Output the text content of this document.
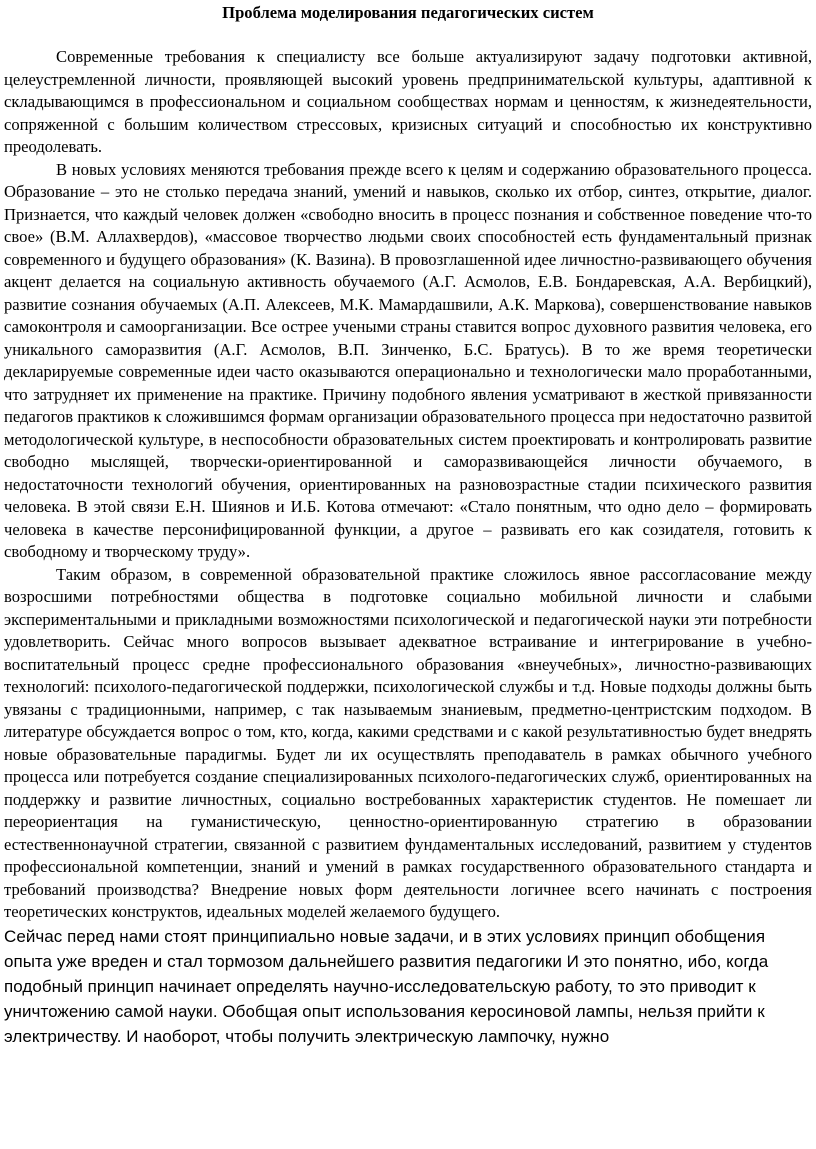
Проблема моделирования педагогических систем

Современные требования к специалисту все больше актуализируют задачу подготовки активной, целеустремленной личности, проявляющей высокий уровень предпринимательской культуры, адаптивной к складывающимся в профессиональном и социальном сообществах нормам и ценностям, к жизнедеятельности, сопряженной с большим количеством стрессовых, кризисных ситуаций и способностью их конструктивно преодолевать.

В новых условиях меняются требования прежде всего к целям и содержанию образовательного процесса. Образование – это не столько передача знаний, умений и навыков, сколько их отбор, синтез, открытие, диалог. Признается, что каждый человек должен «свободно вносить в процесс познания и собственное поведение что-то свое» (В.М. Аллахвердов), «массовое творчество людьми своих способностей есть фундаментальный признак современного и будущего образования» (К. Вазина). В провозглашенной идее личностно-развивающего обучения акцент делается на социальную активность обучаемого (А.Г. Асмолов, Е.В. Бондаревская, А.А. Вербицкий), развитие сознания обучаемых (А.П. Алексеев, М.К. Мамардашвили, А.К. Маркова), совершенствование навыков самоконтроля и самоорганизации. Все острее учеными страны ставится вопрос духовного развития человека, его уникального саморазвития (А.Г. Асмолов, В.П. Зинченко, Б.С. Братусь). В то же время теоретически декларируемые современные идеи часто оказываются операционально и технологически мало проработанными, что затрудняет их применение на практике. Причину подобного явления усматривают в жесткой привязанности педагогов практиков к сложившимся формам организации образовательного процесса при недостаточно развитой методологической культуре, в неспособности образовательных систем проектировать и контролировать развитие свободно мыслящей, творчески-ориентированной и саморазвивающейся личности обучаемого, в недостаточности технологий обучения, ориентированных на разновозрастные стадии психического развития человека. В этой связи Е.Н. Шиянов и И.Б. Котова отмечают: «Стало понятным, что одно дело – формировать человека в качестве персонифицированной функции, а другое – развивать его как созидателя, готовить к свободному и творческому труду».

Таким образом, в современной образовательной практике сложилось явное рассогласование между возросшими потребностями общества в подготовке социально мобильной личности и слабыми экспериментальными и прикладными возможностями психологической и педагогической науки эти потребности удовлетворить. Сейчас много вопросов вызывает адекватное встраивание и интегрирование в учебно-воспитательный процесс средне профессионального образования «внеучебных», личностно-развивающих технологий: психолого-педагогической поддержки, психологической службы и т.д. Новые подходы должны быть увязаны с традиционными, например, с так называемым знаниевым, предметно-центристским подходом. В литературе обсуждается вопрос о том, кто, когда, какими средствами и с какой результативностью будет внедрять новые образовательные парадигмы. Будет ли их осуществлять преподаватель в рамках обычного учебного процесса или потребуется создание специализированных психолого-педагогических служб, ориентированных на поддержку и развитие личностных, социально востребованных характеристик студентов. Не помешает ли переориентация на гуманистическую, ценностно-ориентированную стратегию в образовании естественнонаучной стратегии, связанной с развитием фундаментальных исследований, развитием у студентов профессиональной компетенции, знаний и умений в рамках государственного образовательного стандарта и требований производства? Внедрение новых форм деятельности логичнее всего начинать с построения теоретических конструктов, идеальных моделей желаемого будущего.

Сейчас перед нами стоят принципиально новые задачи, и в этих условиях принцип обобщения опыта уже вреден и стал тормозом дальнейшего развития педагогики И это понятно, ибо, когда подобный принцип начинает определять научно-исследовательскую работу, то это приводит к уничтожению самой науки. Обобщая опыт использования керосиновой лампы, нельзя прийти к электричеству. И наоборот, чтобы получить электрическую лампочку, нужно
